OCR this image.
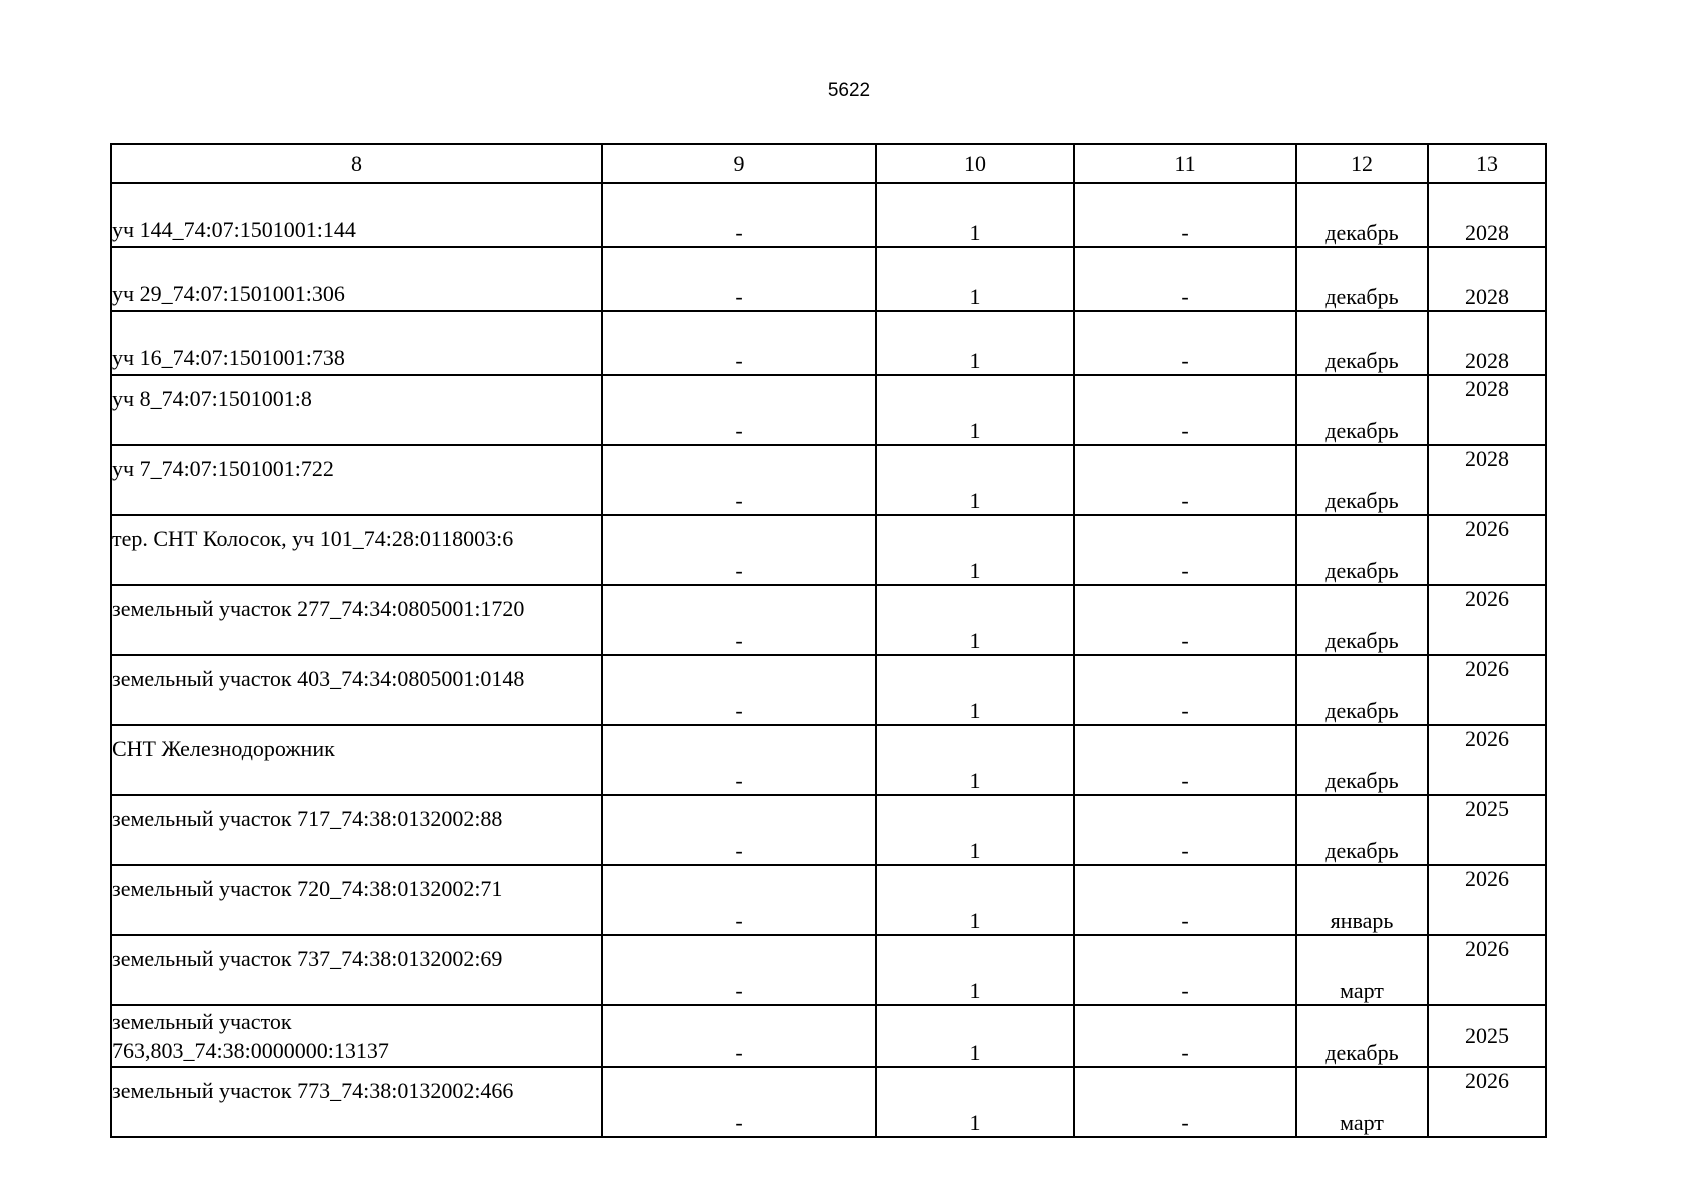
5622
8	9	10	11	12	13
уч 144_74:07:1501001:144	-	1	-	декабрь	2028
уч 29_74:07:1501001:306	-	1	-	декабрь	2028
уч 16_74:07:1501001:738	-	1	-	декабрь	2028
уч 8_74:07:1501001:8	-	1	-	декабрь	2028
уч 7_74:07:1501001:722	-	1	-	декабрь	2028
тер. СНТ Колосок, уч 101_74:28:0118003:6	-	1	-	декабрь	2026
земельный участок 277_74:34:0805001:1720	-	1	-	декабрь	2026
земельный участок 403_74:34:0805001:0148	-	1	-	декабрь	2026
СНТ Железнодорожник	-	1	-	декабрь	2026
земельный участок 717_74:38:0132002:88	-	1	-	декабрь	2025
земельный участок 720_74:38:0132002:71	-	1	-	январь	2026
земельный участок 737_74:38:0132002:69	-	1	-	март	2026

земельный участок
763,803_74:38:0000000:13137	-	1	-	декабрь	2025
земельный участок 773_74:38:0132002:466	-	1	-	март	2026
